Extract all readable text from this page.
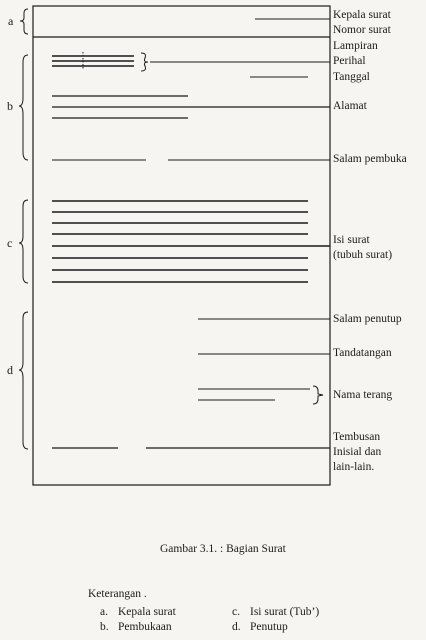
a
b
c
d
Kepala surat
Nomor surat
Lampiran
Perihal
Tanggal
Alamat
Salam pembuka
Isi surat
(tubuh surat)
Salam penutup
Tandatangan
Nama terang
Tembusan
Inisial dan
lain-lain.
Gambar 3.1. : Bagian Surat
Keterangan .
a. Kepala surat
b. Pembukaan
c. Isi surat (Tub’)
d. Penutup
